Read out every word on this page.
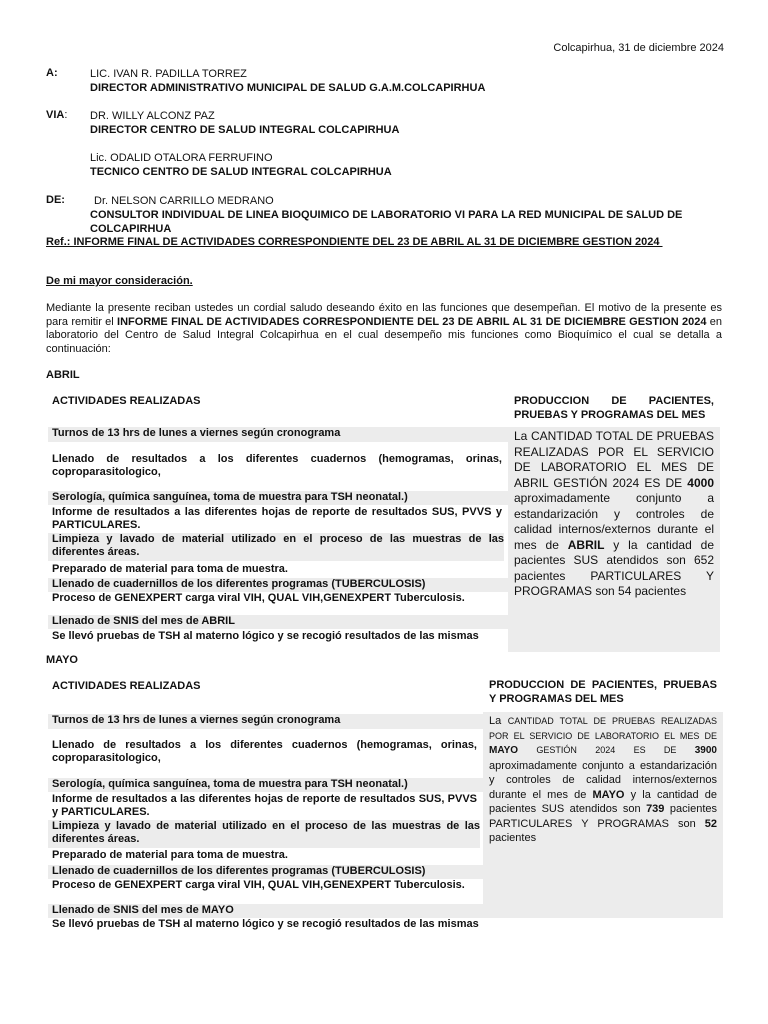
Colcapirhua, 31 de diciembre 2024
A:	LIC. IVAN R. PADILLA TORREZ
DIRECTOR ADMINISTRATIVO MUNICIPAL DE SALUD G.A.M.COLCAPIRHUA
VIA: DR. WILLY ALCONZ PAZ
DIRECTOR CENTRO DE SALUD INTEGRAL COLCAPIRHUA
Lic. ODALID OTALORA FERRUFINO
TECNICO CENTRO DE SALUD INTEGRAL COLCAPIRHUA
DE:	Dr. NELSON CARRILLO MEDRANO
CONSULTOR INDIVIDUAL DE LINEA BIOQUIMICO DE LABORATORIO VI PARA LA RED MUNICIPAL DE SALUD DE
COLCAPIRHUA
Ref.: INFORME FINAL DE ACTIVIDADES CORRESPONDIENTE DEL 23 DE ABRIL AL 31 DE DICIEMBRE GESTION 2024
De mi mayor consideración.
Mediante la presente reciban ustedes un cordial saludo deseando éxito en las funciones que desempeñan. El motivo de la presente es para remitir el INFORME FINAL DE ACTIVIDADES CORRESPONDIENTE DEL 23 DE ABRIL AL 31 DE DICIEMBRE GESTION 2024 en laboratorio del Centro de Salud Integral Colcapirhua en el cual desempeño mis funciones como Bioquímico el cual se detalla a continuación:
ABRIL
ACTIVIDADES REALIZADAS	PRODUCCION DE PACIENTES, PRUEBAS Y PROGRAMAS DEL MES
Turnos de 13 hrs de lunes a viernes según cronograma
Llenado de resultados a los diferentes cuadernos (hemogramas, orinas, coproparasitologico,
Serología, química sanguínea, toma de muestra para TSH neonatal.)
Informe de resultados a las diferentes hojas de reporte de resultados SUS, PVVS y PARTICULARES.
Limpieza y lavado de material utilizado en el proceso de las muestras de las diferentes áreas.
Preparado de material para toma de muestra.
Llenado de cuadernillos de los diferentes programas (TUBERCULOSIS)
Proceso de GENEXPERT carga viral VIH, QUAL VIH,GENEXPERT Tuberculosis.
Llenado de SNIS del mes de ABRIL
Se llevó pruebas de TSH al materno lógico y se recogió resultados de las mismas
La CANTIDAD TOTAL DE PRUEBAS REALIZADAS POR EL SERVICIO DE LABORATORIO EL MES DE ABRIL GESTIÓN 2024 ES DE 4000 aproximadamente conjunto a estandarización y controles de calidad internos/externos durante el mes de ABRIL y la cantidad de pacientes SUS atendidos son 652 pacientes PARTICULARES Y PROGRAMAS son 54 pacientes
MAYO
ACTIVIDADES REALIZADAS	PRODUCCION DE PACIENTES, PRUEBAS Y PROGRAMAS DEL MES
Turnos de 13 hrs de lunes a viernes según cronograma
Llenado de resultados a los diferentes cuadernos (hemogramas, orinas, coproparasitologico,
Serología, química sanguínea, toma de muestra para TSH neonatal.)
Informe de resultados a las diferentes hojas de reporte de resultados SUS, PVVS y PARTICULARES.
Limpieza y lavado de material utilizado en el proceso de las muestras de las diferentes áreas.
Preparado de material para toma de muestra.
Llenado de cuadernillos de los diferentes programas (TUBERCULOSIS)
Proceso de GENEXPERT carga viral VIH, QUAL VIH,GENEXPERT Tuberculosis.
Llenado de SNIS del mes de MAYO
Se llevó pruebas de TSH al materno lógico y se recogió resultados de las mismas
La CANTIDAD TOTAL DE PRUEBAS REALIZADAS POR EL SERVICIO DE LABORATORIO EL MES DE MAYO GESTIÓN 2024 ES DE 3900 aproximadamente conjunto a estandarización y controles de calidad internos/externos durante el mes de MAYO y la cantidad de pacientes SUS atendidos son 739 pacientes PARTICULARES Y PROGRAMAS son 52 pacientes
